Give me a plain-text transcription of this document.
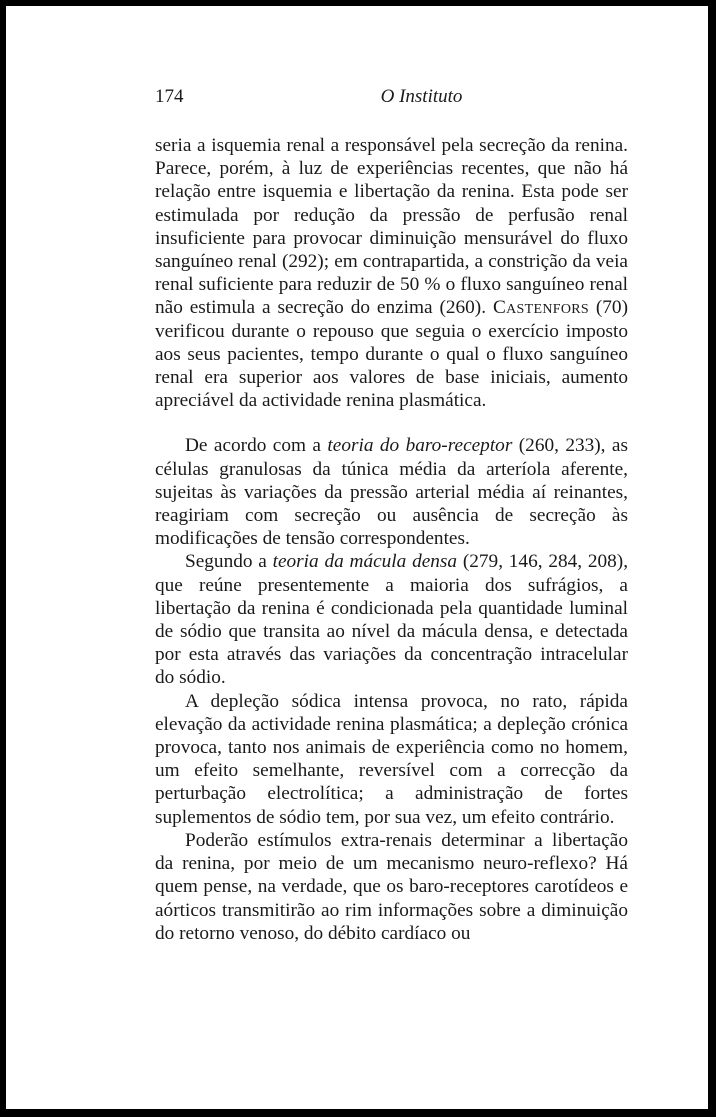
174	O Instituto

seria a isquemia renal a responsável pela secreção da renina. Parece, porém, à luz de experiências recentes, que não há relação entre isquemia e libertação da renina. Esta pode ser estimulada por redução da pressão de perfusão renal insuficiente para provocar diminuição mensurável do fluxo sanguíneo renal (292); em contrapartida, a constrição da veia renal suficiente para reduzir de 50 % o fluxo sanguíneo renal não estimula a secreção do enzima (260). Castenfors (70) verificou durante o repouso que seguia o exercício imposto aos seus pacientes, tempo durante o qual o fluxo sanguíneo renal era superior aos valores de base iniciais, aumento apreciável da actividade renina plasmática.

De acordo com a teoria do baro-receptor (260, 233), as células granulosas da túnica média da arteríola aferente, sujeitas às variações da pressão arterial média aí reinantes, reagiriam com secreção ou ausência de secreção às modificações de tensão correspondentes.

Segundo a teoria da mácula densa (279, 146, 284, 208), que reúne presentemente a maioria dos sufrágios, a libertação da renina é condicionada pela quantidade luminal de sódio que transita ao nível da mácula densa, e detectada por esta através das variações da concentração intracelular do sódio.

A depleção sódica intensa provoca, no rato, rápida elevação da actividade renina plasmática; a depleção crónica provoca, tanto nos animais de experiência como no homem, um efeito semelhante, reversível com a correcção da perturbação electrolítica; a administração de fortes suplementos de sódio tem, por sua vez, um efeito contrário.

Poderão estímulos extra-renais determinar a libertação da renina, por meio de um mecanismo neuro-reflexo? Há quem pense, na verdade, que os baro-receptores carotídeos e aórticos transmitirão ao rim informações sobre a diminuição do retorno venoso, do débito cardíaco ou
